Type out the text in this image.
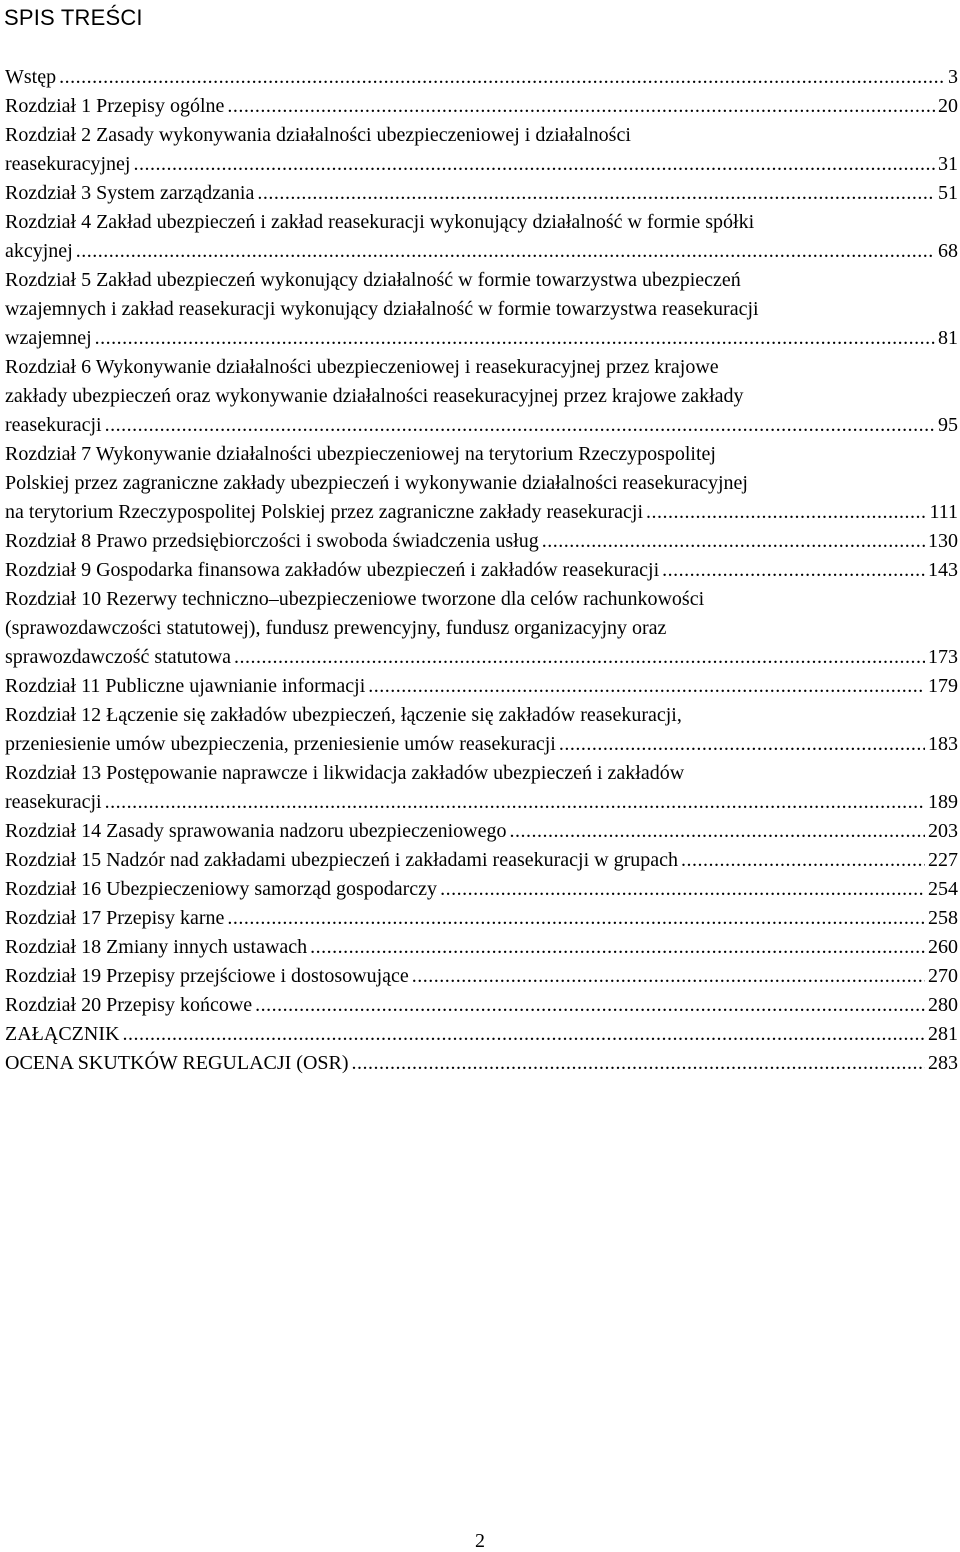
SPIS TREŚCI
Wstęp .....	3
Rozdział 1 Przepisy ogólne .....	20
Rozdział 2 Zasady wykonywania działalności ubezpieczeniowej i działalności
reasekuracyjnej .....	31
Rozdział 3 System zarządzania .....	51
Rozdział 4 Zakład ubezpieczeń i zakład reasekuracji wykonujący działalność w formie spółki
akcyjnej .....	68
Rozdział 5 Zakład ubezpieczeń wykonujący działalność w formie towarzystwa ubezpieczeń
wzajemnych i zakład reasekuracji wykonujący działalność w formie towarzystwa reasekuracji
wzajemnej .....	81
Rozdział 6 Wykonywanie działalności ubezpieczeniowej i reasekuracyjnej przez krajowe
zakłady ubezpieczeń oraz wykonywanie działalności reasekuracyjnej przez krajowe zakłady
reasekuracji .....	95
Rozdział 7 Wykonywanie działalności ubezpieczeniowej na terytorium Rzeczypospolitej
Polskiej przez zagraniczne zakłady ubezpieczeń i wykonywanie działalności reasekuracyjnej
na terytorium Rzeczypospolitej Polskiej przez zagraniczne zakłady reasekuracji .....	111
Rozdział 8 Prawo przedsiębiorczości i swoboda świadczenia usług .....	130
Rozdział 9 Gospodarka finansowa zakładów ubezpieczeń i zakładów reasekuracji .....	143
Rozdział 10 Rezerwy techniczno–ubezpieczeniowe tworzone dla celów rachunkowości
(sprawozdawczości statutowej), fundusz prewencyjny, fundusz organizacyjny oraz
sprawozdawczość statutowa .....	173
Rozdział 11 Publiczne ujawnianie informacji .....	179
Rozdział 12 Łączenie się zakładów ubezpieczeń, łączenie się zakładów reasekuracji,
przeniesienie umów ubezpieczenia, przeniesienie umów reasekuracji .....	183
Rozdział 13 Postępowanie naprawcze i likwidacja zakładów ubezpieczeń i zakładów
reasekuracji .....	189
Rozdział 14 Zasady sprawowania nadzoru ubezpieczeniowego .....	203
Rozdział 15 Nadzór nad zakładami ubezpieczeń i zakładami reasekuracji w grupach .....	227
Rozdział 16 Ubezpieczeniowy samorząd gospodarczy .....	254
Rozdział 17 Przepisy karne .....	258
Rozdział 18 Zmiany innych ustawach .....	260
Rozdział 19 Przepisy przejściowe i dostosowujące .....	270
Rozdział 20 Przepisy końcowe .....	280
ZAŁĄCZNIK .....	281
OCENA SKUTKÓW REGULACJI (OSR) .....	283
2
